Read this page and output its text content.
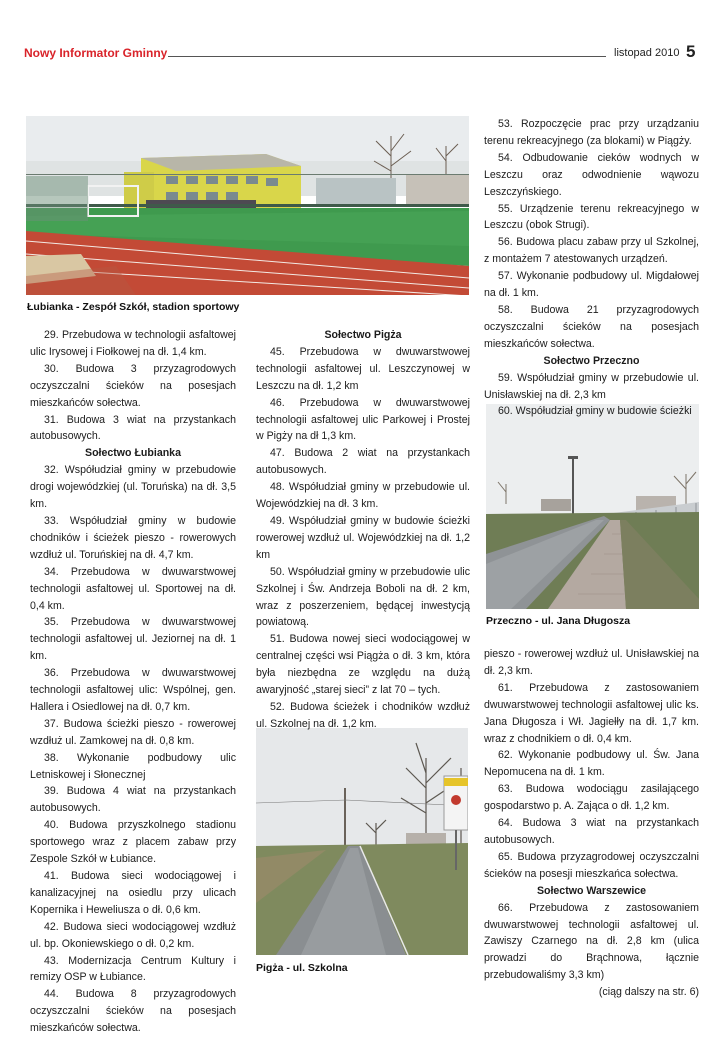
Nowy Informator Gminny	listopad 2010 5
Łubianka - Zespół Szkół, stadion sportowy
Przeczno - ul. Jana Długosza
Pigża - ul. Szkolna

29. Przebudowa w technologii asfaltowej ulic Irysowej i Fiołkowej na dł. 1,4 km.

30. Budowa 3 przyzagrodowych oczyszczalni ścieków na posesjach mieszkańców sołectwa.

31. Budowa 3 wiat na przystankach autobusowych.

Sołectwo Łubianka

32. Współudział gminy w przebudowie drogi wojewódzkiej (ul. Toruńska) na dł. 3,5 km.

33. Współudział gminy w budowie chodników i ścieżek pieszo - rowerowych wzdłuż ul. Toruńskiej na dł. 4,7 km.

34. Przebudowa w dwuwarstwowej technologii asfaltowej ul. Sportowej na dł. 0,4 km.

35. Przebudowa w dwuwarstwowej technologii asfaltowej ul. Jeziornej na dł. 1 km.

36. Przebudowa w dwuwarstwowej technologii asfaltowej ulic: Wspólnej, gen. Hallera i Osiedlowej na dł. 0,7 km.

37. Budowa ścieżki pieszo - rowerowej wzdłuż ul. Zamkowej na dł. 0,8 km.

38. Wykonanie podbudowy ulic Letniskowej i Słonecznej

39. Budowa 4 wiat na przystankach autobusowych.

40. Budowa przyszkolnego stadionu sportowego wraz z placem zabaw przy Zespole Szkół w Łubiance.

41. Budowa sieci wodociągowej i kanalizacyjnej na osiedlu przy ulicach Kopernika i Heweliusza o dł. 0,6 km.

42. Budowa sieci wodociągowej wzdłuż ul. bp. Okoniewskiego o dł. 0,2 km.

43. Modernizacja Centrum Kultury i remizy OSP w Łubiance.

44. Budowa 8 przyzagrodowych oczyszczalni ścieków na posesjach mieszkańców sołectwa.

Sołectwo Pigża

45. Przebudowa w dwuwarstwowej technologii asfaltowej ul. Leszczynowej w Leszczu na dł. 1,2 km

46. Przebudowa w dwuwarstwowej technologii asfaltowej ulic Parkowej i Prostej w Pigży na dł 1,3 km.

47. Budowa 2 wiat na przystankach autobusowych.

48. Współudział gminy w przebudowie ul. Wojewódzkiej na dł. 3 km.

49. Współudział gminy w budowie ścieżki rowerowej wzdłuż ul. Wojewódzkiej na dł. 1,2 km

50. Współudział gminy w przebudowie ulic Szkolnej i Św. Andrzeja Boboli na dł. 2 km, wraz z poszerzeniem, będącej inwestycją powiatową.

51. Budowa nowej sieci wodociągowej w centralnej części wsi Piągża o dł. 3 km, która była niezbędna ze względu na dużą awaryjność „starej sieci” z lat 70 – tych.

52. Budowa ścieżek i chodników wzdłuż ul. Szkolnej na dł. 1,2 km.

53. Rozpoczęcie prac przy urządzaniu terenu rekreacyjnego (za blokami) w Piągży.

54. Odbudowanie cieków wodnych w Leszczu oraz odwodnienie wąwozu Leszczyńskiego.

55. Urządzenie terenu rekreacyjnego w Leszczu (obok Strugi).

56. Budowa placu zabaw przy ul Szkolnej, z montażem 7 atestowanych urządzeń.

57. Wykonanie podbudowy ul. Migdałowej na dł. 1 km.

58. Budowa 21 przyzagrodowych oczyszczalni ścieków na posesjach mieszkańców sołectwa.

Sołectwo Przeczno

59. Współudział gminy w przebudowie ul. Unisławskiej na dł. 2,3 km

60. Współudział gminy w budowie ścieżki

pieszo - rowerowej wzdłuż ul. Unisławskiej na dł. 2,3 km.

61. Przebudowa z zastosowaniem dwuwarstwowej technologii asfaltowej ulic ks. Jana Długosza i Wł. Jagiełły na dł. 1,7 km. wraz z chodnikiem o dł. 0,4 km.

62. Wykonanie podbudowy ul. Św. Jana Nepomucena na dł. 1 km.

63. Budowa wodociągu zasilającego gospodarstwo p. A. Zająca o dł. 1,2 km.

64. Budowa 3 wiat na przystankach autobusowych.

65. Budowa przyzagrodowej oczyszczalni ścieków na posesji mieszkańca sołectwa.

Sołectwo Warszewice

66. Przebudowa z zastosowaniem dwuwarstwowej technologii asfaltowej ul. Zawiszy Czarnego na dł. 2,8 km (ulica prowadzi do Brąchnowa, łącznie przebudowaliśmy 3,3 km)

(ciąg dalszy na str. 6)
